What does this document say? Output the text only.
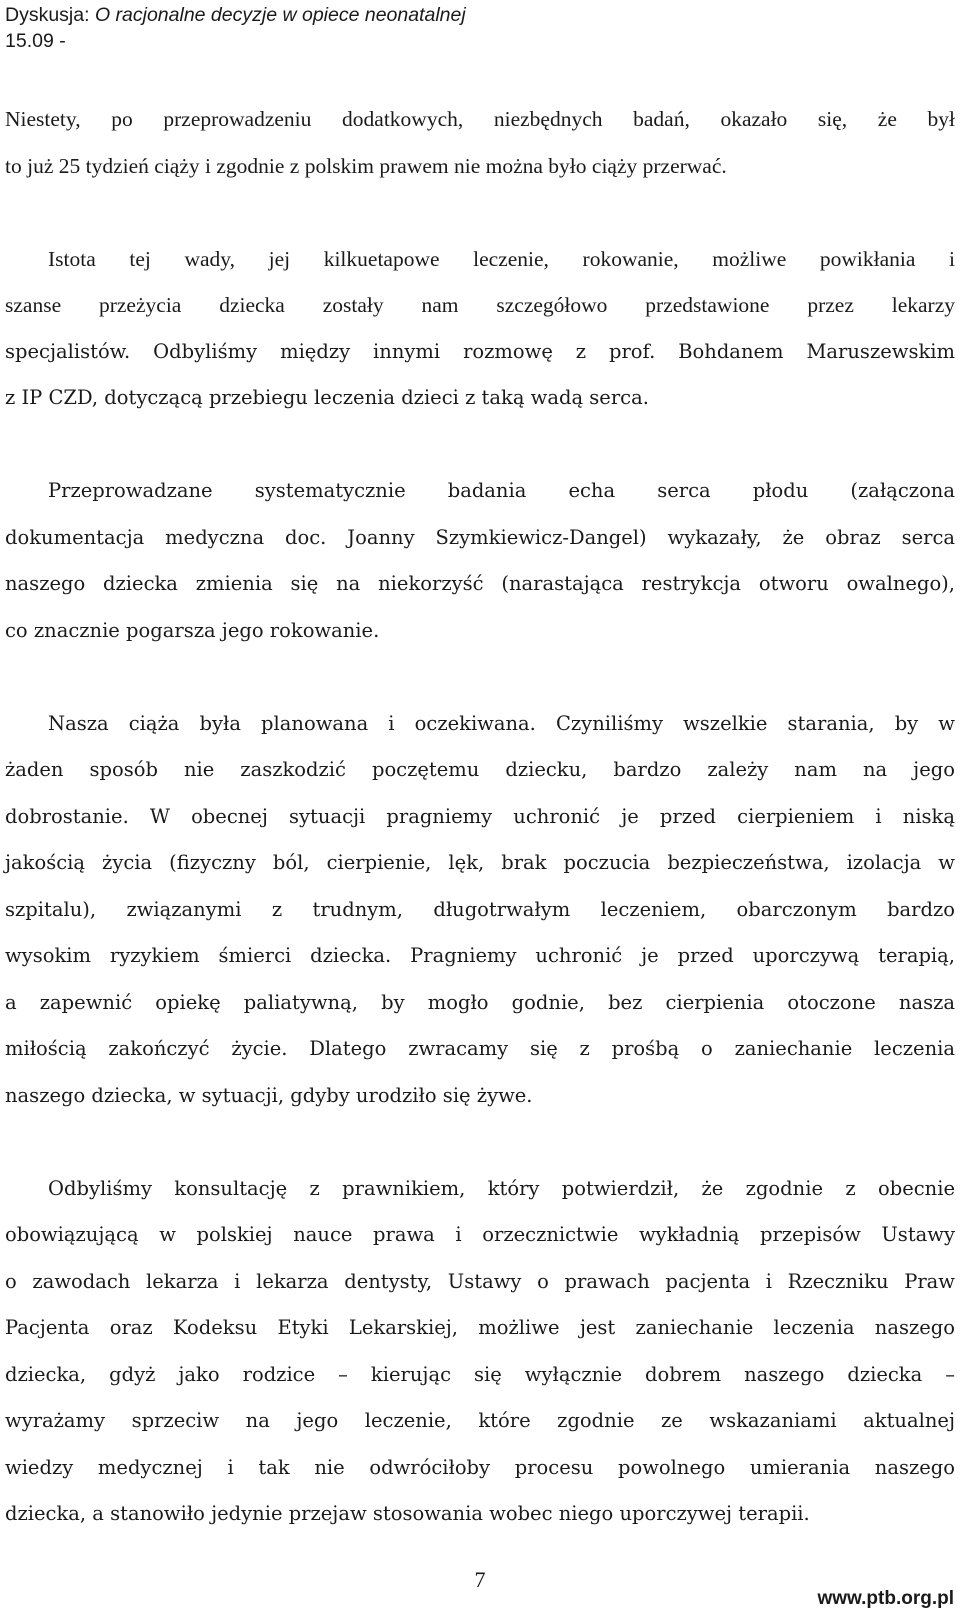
Dyskusja: O racjonalne decyzje w opiece neonatalnej
15.09 -
Niestety, po przeprowadzeniu dodatkowych, niezbędnych badań, okazało się, że był
to już 25 tydzień ciąży i zgodnie z polskim prawem nie można było ciąży przerwać.
Istota tej wady, jej kilkuetapowe leczenie, rokowanie, możliwe powikłania i
szanse przeżycia dziecka zostały nam szczegółowo przedstawione przez lekarzy
specjalistów. Odbyliśmy między innymi rozmowę z prof. Bohdanem Maruszewskim
z IP CZD, dotyczącą przebiegu leczenia dzieci z taką wadą serca.
Przeprowadzane systematycznie badania echa serca płodu (załączona
dokumentacja medyczna doc. Joanny Szymkiewicz-Dangel) wykazały, że obraz serca
naszego dziecka zmienia się na niekorzyść (narastająca restrykcja otworu owalnego),
co znacznie pogarsza jego rokowanie.
Nasza ciąża była planowana i oczekiwana. Czyniliśmy wszelkie starania, by w
żaden sposób nie zaszkodzić poczętemu dziecku, bardzo zależy nam na jego
dobrostanie. W obecnej sytuacji pragniemy uchronić je przed cierpieniem i niską
jakością życia (fizyczny ból, cierpienie, lęk, brak poczucia bezpieczeństwa, izolacja w
szpitalu), związanymi z trudnym, długotrwałym leczeniem, obarczonym bardzo
wysokim ryzykiem śmierci dziecka. Pragniemy uchronić je przed uporczywą terapią,
a zapewnić opiekę paliatywną, by mogło godnie, bez cierpienia otoczone nasza
miłością zakończyć życie. Dlatego zwracamy się z prośbą o zaniechanie leczenia
naszego dziecka, w sytuacji, gdyby urodziło się żywe.
Odbyliśmy konsultację z prawnikiem, który potwierdził, że zgodnie z obecnie
obowiązującą w polskiej nauce prawa i orzecznictwie wykładnią przepisów Ustawy
o zawodach lekarza i lekarza dentysty, Ustawy o prawach pacjenta i Rzeczniku Praw
Pacjenta oraz Kodeksu Etyki Lekarskiej, możliwe jest zaniechanie leczenia naszego
dziecka, gdyż jako rodzice – kierując się wyłącznie dobrem naszego dziecka –
wyrażamy sprzeciw na jego leczenie, które zgodnie ze wskazaniami aktualnej
wiedzy medycznej i tak nie odwróciłoby procesu powolnego umierania naszego
dziecka, a stanowiło jedynie przejaw stosowania wobec niego uporczywej terapii.
7
www.ptb.org.pl
